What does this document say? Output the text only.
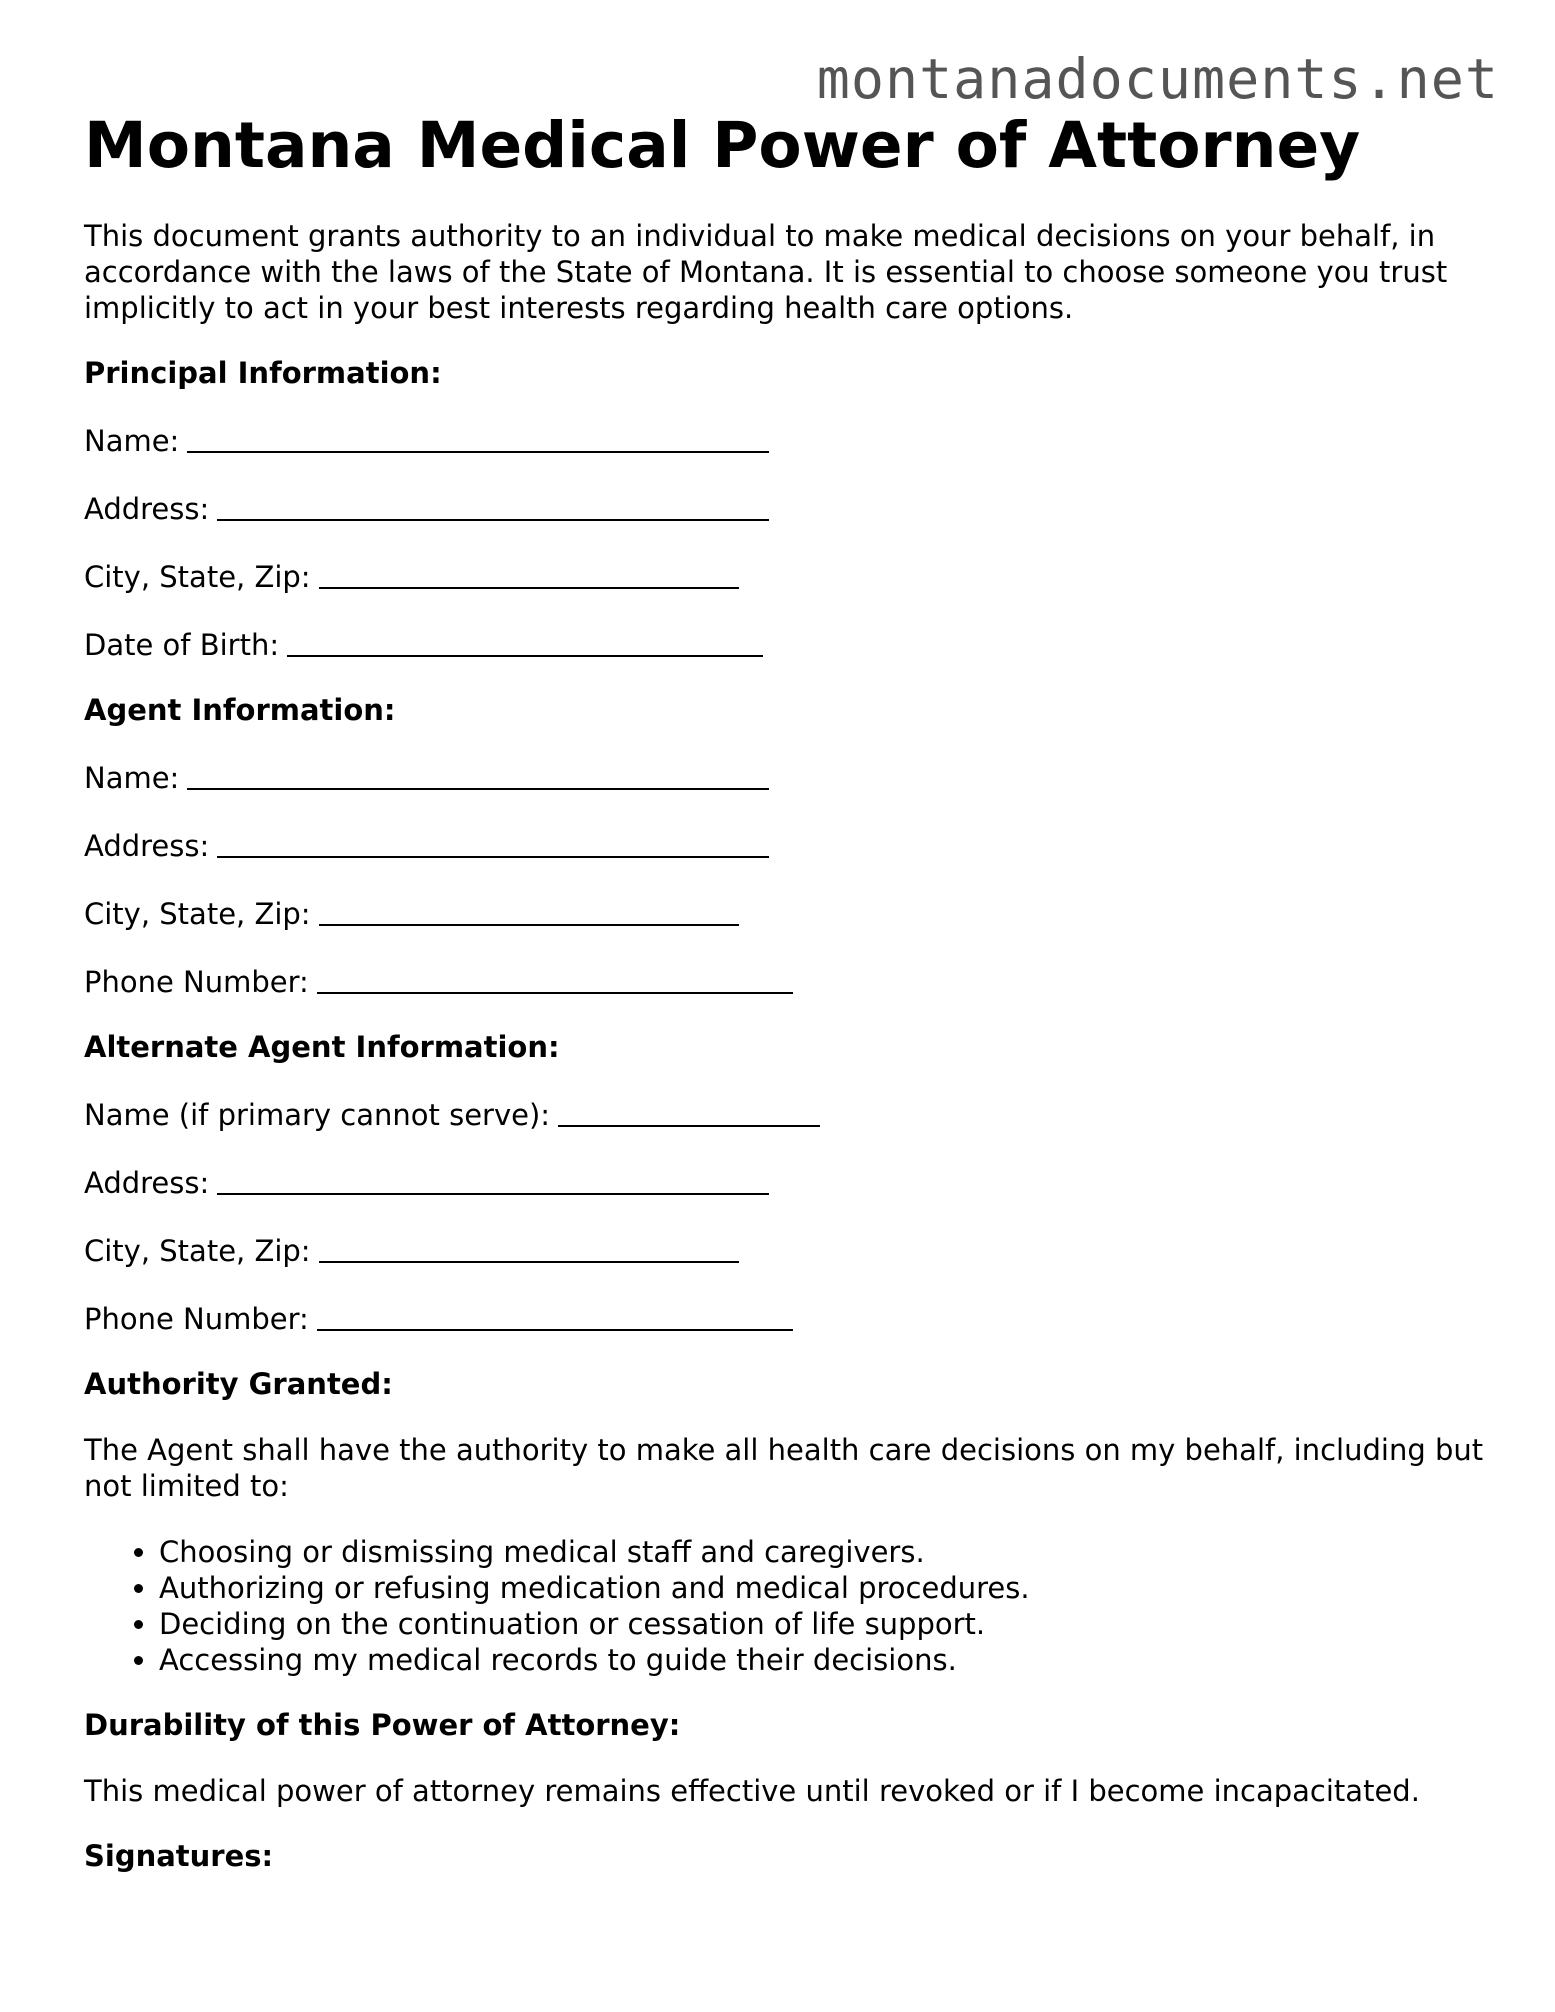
montanadocuments.net
Montana Medical Power of Attorney

This document grants authority to an individual to make medical decisions on your behalf, in accordance with the laws of the State of Montana. It is essential to choose someone you trust implicitly to act in your best interests regarding health care options.

Principal Information:
Name:
Address:
City, State, Zip:
Date of Birth:
Agent Information:
Name:
Address:
City, State, Zip:
Phone Number:
Alternate Agent Information:
Name (if primary cannot serve):
Address:
City, State, Zip:
Phone Number:
Authority Granted:

The Agent shall have the authority to make all health care decisions on my behalf, including but not limited to:

• Choosing or dismissing medical staff and caregivers.
• Authorizing or refusing medication and medical procedures.
• Deciding on the continuation or cessation of life support.
• Accessing my medical records to guide their decisions.
Durability of this Power of Attorney:

This medical power of attorney remains effective until revoked or if I become incapacitated.

Signatures:
